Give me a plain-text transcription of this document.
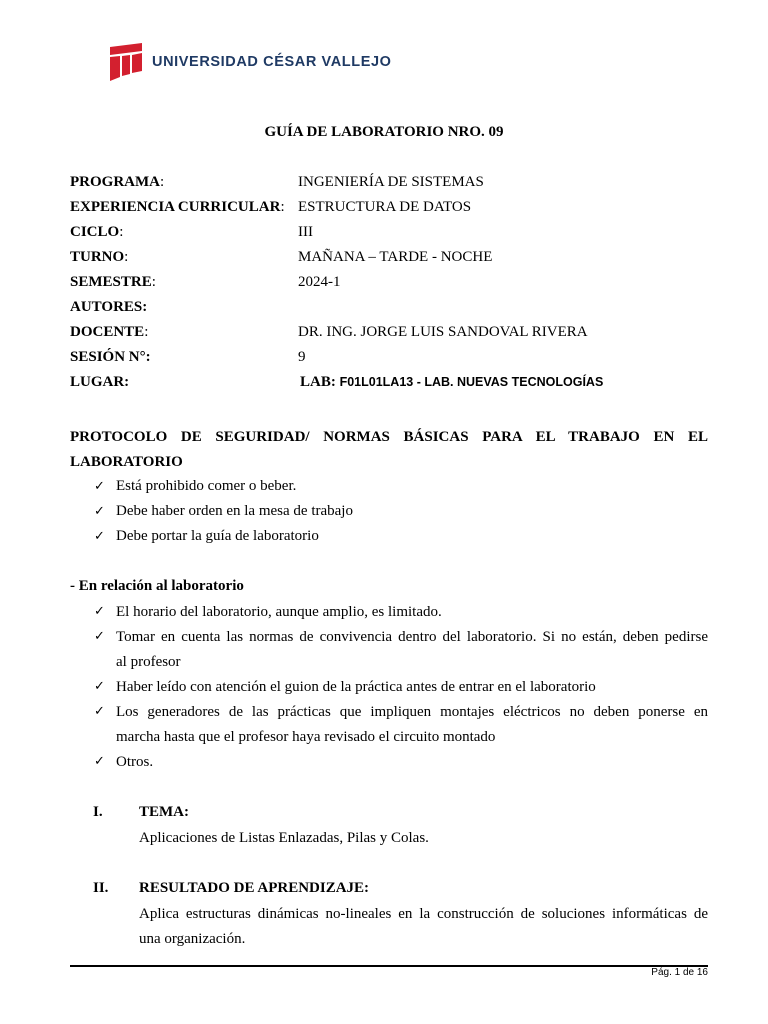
UNIVERSIDAD CÉSAR VALLEJO
GUÍA DE LABORATORIO NRO. 09
PROGRAMA:	INGENIERÍA DE SISTEMAS
EXPERIENCIA CURRICULAR: ESTRUCTURA DE DATOS
CICLO:	III
TURNO:	MAÑANA – TARDE - NOCHE
SEMESTRE:	2024-1
AUTORES:
DOCENTE:	DR. ING. JORGE LUIS SANDOVAL RIVERA
SESIÓN N°:	9
LUGAR:	LAB: F01L01LA13 - LAB. NUEVAS TECNOLOGÍAS
PROTOCOLO DE SEGURIDAD/ NORMAS BÁSICAS PARA EL TRABAJO EN EL
LABORATORIO
✓ Está prohibido comer o beber.
✓ Debe haber orden en la mesa de trabajo
✓ Debe portar la guía de laboratorio
- En relación al laboratorio
✓ El horario del laboratorio, aunque amplio, es limitado.
✓ Tomar en cuenta las normas de convivencia dentro del laboratorio. Si no están, deben pedirse
al profesor
✓ Haber leído con atención el guion de la práctica antes de entrar en el laboratorio
✓ Los generadores de las prácticas que impliquen montajes eléctricos no deben ponerse en
marcha hasta que el profesor haya revisado el circuito montado
✓ Otros.
I. TEMA:
Aplicaciones de Listas Enlazadas, Pilas y Colas.
II. RESULTADO DE APRENDIZAJE:
Aplica estructuras dinámicas no-lineales en la construcción de soluciones informáticas de
una organización.
Pág. 1 de 16
